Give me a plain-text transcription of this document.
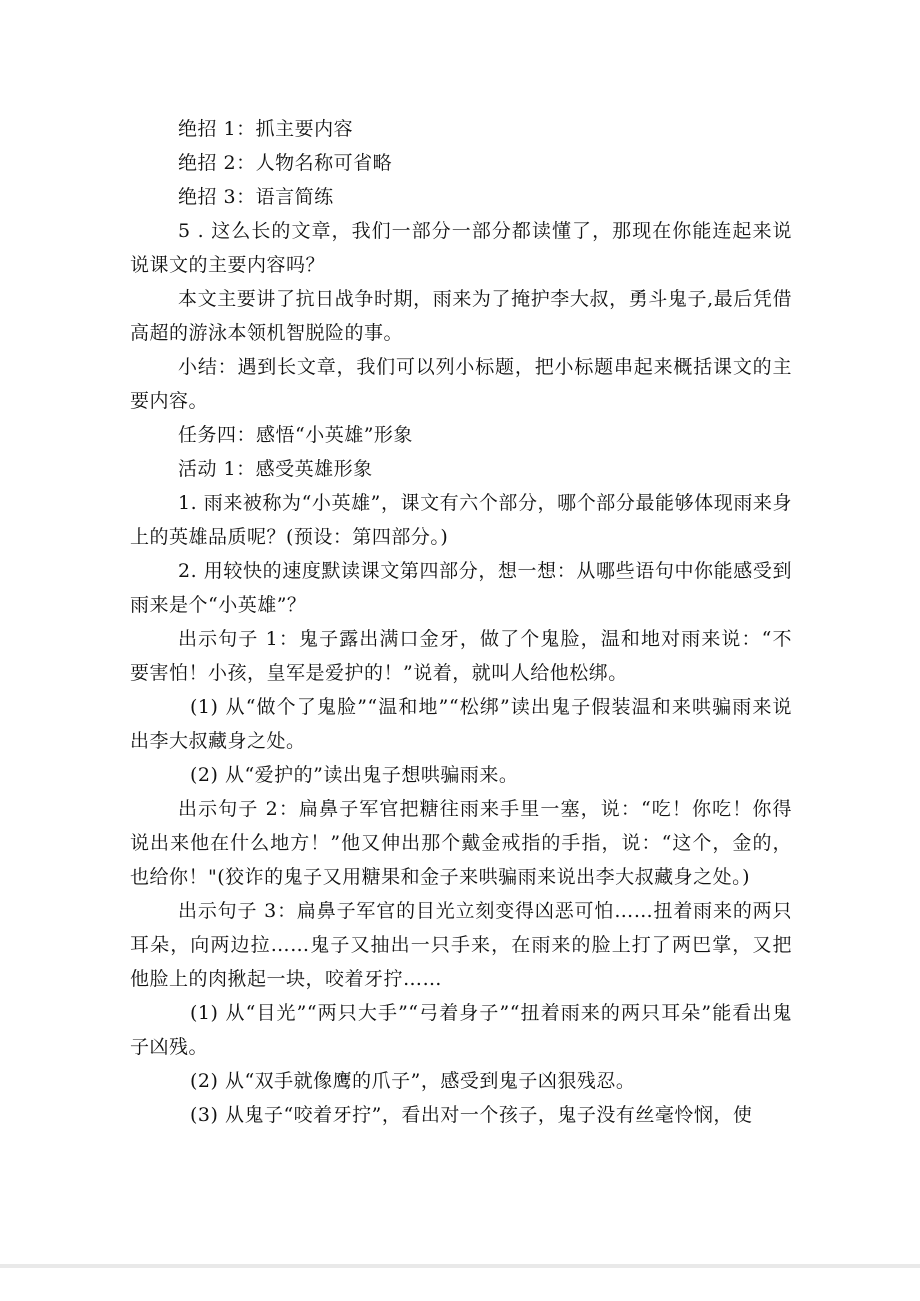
绝招 1：抓主要内容

绝招 2：人物名称可省略

绝招 3：语言简练

5 . 这么长的文章，我们一部分一部分都读懂了，那现在你能连起来说说课文的主要内容吗？

本文主要讲了抗日战争时期，雨来为了掩护李大叔，勇斗鬼子,最后凭借高超的游泳本领机智脱险的事。

小结：遇到长文章，我们可以列小标题，把小标题串起来概括课文的主要内容。

任务四：感悟“小英雄”形象

活动 1：感受英雄形象

1. 雨来被称为“小英雄”，课文有六个部分，哪个部分最能够体现雨来身上的英雄品质呢？(预设：第四部分。)

2. 用较快的速度默读课文第四部分，想一想：从哪些语句中你能感受到雨来是个“小英雄”？

出示句子 1：鬼子露出满口金牙，做了个鬼脸，温和地对雨来说：“不要害怕！小孩，皇军是爱护的！”说着，就叫人给他松绑。

(1) 从“做个了鬼脸”“温和地”“松绑”读出鬼子假装温和来哄骗雨来说出李大叔藏身之处。

(2) 从“爱护的”读出鬼子想哄骗雨来。

出示句子 2：扁鼻子军官把糖往雨来手里一塞，说：“吃！你吃！你得说出来他在什么地方！”他又伸出那个戴金戒指的手指，说：“这个，金的，也给你！"(狡诈的鬼子又用糖果和金子来哄骗雨来说出李大叔藏身之处。)

出示句子 3：扁鼻子军官的目光立刻变得凶恶可怕……扭着雨来的两只耳朵，向两边拉……鬼子又抽出一只手来，在雨来的脸上打了两巴掌，又把他脸上的肉揪起一块，咬着牙拧……

(1) 从“目光”“两只大手”“弓着身子”“扭着雨来的两只耳朵”能看出鬼子凶残。

(2) 从“双手就像鹰的爪子”，感受到鬼子凶狠残忍。

(3) 从鬼子“咬着牙拧”，看出对一个孩子，鬼子没有丝毫怜悯，使
